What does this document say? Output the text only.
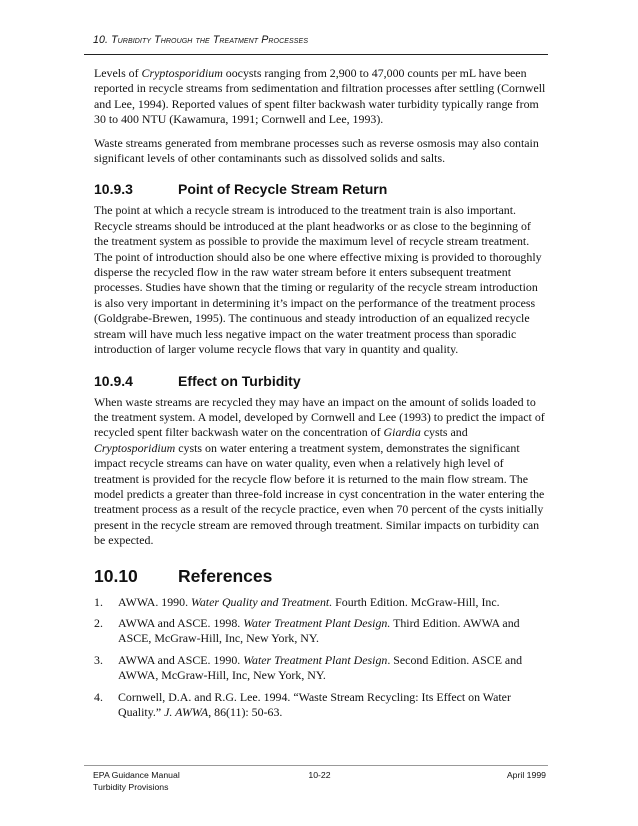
10. Turbidity Through the Treatment Processes

Levels of Cryptosporidium oocysts ranging from 2,900 to 47,000 counts per mL have been reported in recycle streams from sedimentation and filtration processes after settling (Cornwell and Lee, 1994). Reported values of spent filter backwash water turbidity typically range from 30 to 400 NTU (Kawamura, 1991; Cornwell and Lee, 1993).

Waste streams generated from membrane processes such as reverse osmosis may also contain significant levels of other contaminants such as dissolved solids and salts.

10.9.3	Point of Recycle Stream Return

The point at which a recycle stream is introduced to the treatment train is also important. Recycle streams should be introduced at the plant headworks or as close to the beginning of the treatment system as possible to provide the maximum level of recycle stream treatment. The point of introduction should also be one where effective mixing is provided to thoroughly disperse the recycled flow in the raw water stream before it enters subsequent treatment processes. Studies have shown that the timing or regularity of the recycle stream introduction is also very important in determining it’s impact on the performance of the treatment process (Goldgrabe-Brewen, 1995). The continuous and steady introduction of an equalized recycle stream will have much less negative impact on the water treatment process than sporadic introduction of larger volume recycle flows that vary in quantity and quality.

10.9.4	Effect on Turbidity

When waste streams are recycled they may have an impact on the amount of solids loaded to the treatment system. A model, developed by Cornwell and Lee (1993) to predict the impact of recycled spent filter backwash water on the concentration of Giardia cysts and Cryptosporidium cysts on water entering a treatment system, demonstrates the significant impact recycle streams can have on water quality, even when a relatively high level of treatment is provided for the recycle flow before it is returned to the main flow stream. The model predicts a greater than three-fold increase in cyst concentration in the water entering the treatment process as a result of the recycle practice, even when 70 percent of the cysts initially present in the recycle stream are removed through treatment. Similar impacts on turbidity can be expected.

10.10 References
1. AWWA. 1990. Water Quality and Treatment. Fourth Edition. McGraw-Hill, Inc.
2. AWWA and ASCE. 1998. Water Treatment Plant Design. Third Edition. AWWA and ASCE, McGraw-Hill, Inc, New York, NY.
3. AWWA and ASCE. 1990. Water Treatment Plant Design. Second Edition. ASCE and AWWA, McGraw-Hill, Inc, New York, NY.
4. Cornwell, D.A. and R.G. Lee. 1994. “Waste Stream Recycling: Its Effect on Water Quality.” J. AWWA, 86(11): 50-63.
EPA Guidance Manual	10-22	April 1999
Turbidity Provisions
